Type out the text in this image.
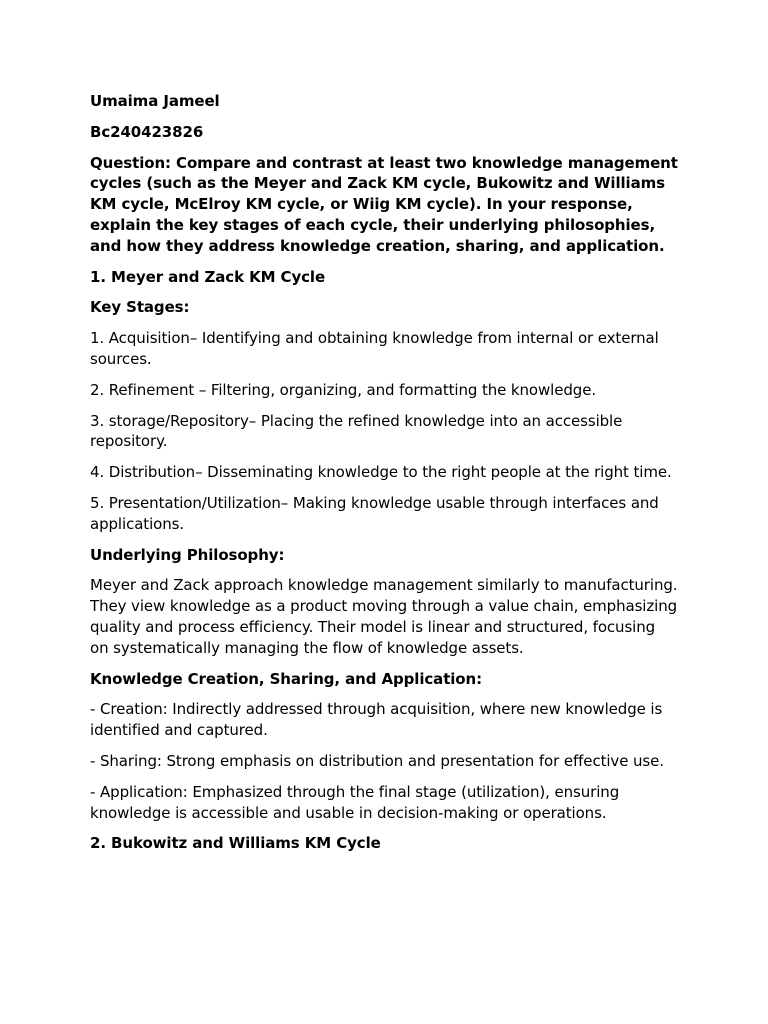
Umaima Jameel

Bc240423826

Question: Compare and contrast at least two knowledge management cycles (such as the Meyer and Zack KM cycle, Bukowitz and Williams KM cycle, McElroy KM cycle, or Wiig KM cycle). In your response, explain the key stages of each cycle, their underlying philosophies, and how they address knowledge creation, sharing, and application.

1. Meyer and Zack KM Cycle

Key Stages:

1. Acquisition– Identifying and obtaining knowledge from internal or external sources.

2. Refinement – Filtering, organizing, and formatting the knowledge.

3. storage/Repository– Placing the refined knowledge into an accessible repository.

4. Distribution– Disseminating knowledge to the right people at the right time.

5. Presentation/Utilization– Making knowledge usable through interfaces and applications.

Underlying Philosophy:

Meyer and Zack approach knowledge management similarly to manufacturing. They view knowledge as a product moving through a value chain, emphasizing quality and process efficiency. Their model is linear and structured, focusing on systematically managing the flow of knowledge assets.

Knowledge Creation, Sharing, and Application:

- Creation: Indirectly addressed through acquisition, where new knowledge is identified and captured.

- Sharing: Strong emphasis on distribution and presentation for effective use.

- Application: Emphasized through the final stage (utilization), ensuring knowledge is accessible and usable in decision-making or operations.

2. Bukowitz and Williams KM Cycle
